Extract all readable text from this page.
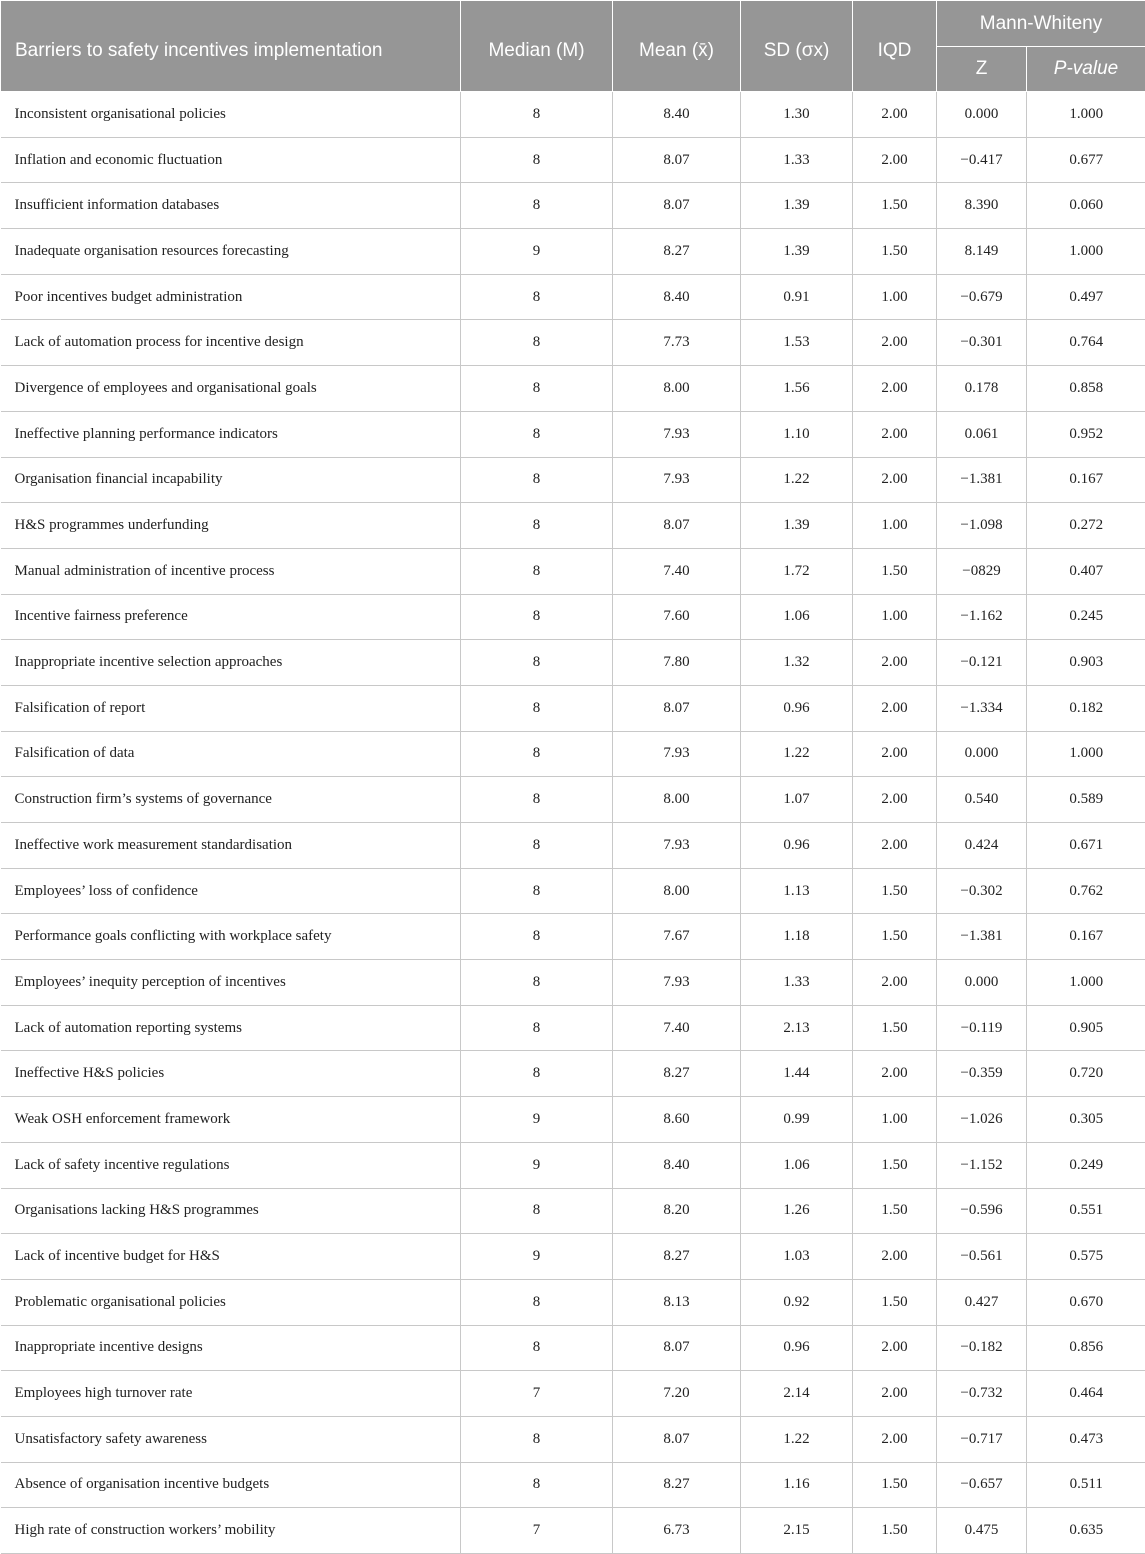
Barriers to safety incentives implementation	Median (M)	Mean (x̄)	SD (σx)	IQD	Mann-Whiteny	
					Z	P-value
Inconsistent organisational policies	8	8.40	1.30	2.00	0.000	1.000
Inflation and economic fluctuation	8	8.07	1.33	2.00	−0.417	0.677
Insufficient information databases	8	8.07	1.39	1.50	8.390	0.060
Inadequate organisation resources forecasting	9	8.27	1.39	1.50	8.149	1.000
Poor incentives budget administration	8	8.40	0.91	1.00	−0.679	0.497
Lack of automation process for incentive design	8	7.73	1.53	2.00	−0.301	0.764
Divergence of employees and organisational goals	8	8.00	1.56	2.00	0.178	0.858
Ineffective planning performance indicators	8	7.93	1.10	2.00	0.061	0.952
Organisation financial incapability	8	7.93	1.22	2.00	−1.381	0.167
H&S programmes underfunding	8	8.07	1.39	1.00	−1.098	0.272
Manual administration of incentive process	8	7.40	1.72	1.50	−0829	0.407
Incentive fairness preference	8	7.60	1.06	1.00	−1.162	0.245
Inappropriate incentive selection approaches	8	7.80	1.32	2.00	−0.121	0.903
Falsification of report	8	8.07	0.96	2.00	−1.334	0.182
Falsification of data	8	7.93	1.22	2.00	0.000	1.000
Construction firm’s systems of governance	8	8.00	1.07	2.00	0.540	0.589
Ineffective work measurement standardisation	8	7.93	0.96	2.00	0.424	0.671
Employees’ loss of confidence	8	8.00	1.13	1.50	−0.302	0.762
Performance goals conflicting with workplace safety	8	7.67	1.18	1.50	−1.381	0.167
Employees’ inequity perception of incentives	8	7.93	1.33	2.00	0.000	1.000
Lack of automation reporting systems	8	7.40	2.13	1.50	−0.119	0.905
Ineffective H&S policies	8	8.27	1.44	2.00	−0.359	0.720
Weak OSH enforcement framework	9	8.60	0.99	1.00	−1.026	0.305
Lack of safety incentive regulations	9	8.40	1.06	1.50	−1.152	0.249
Organisations lacking H&S programmes	8	8.20	1.26	1.50	−0.596	0.551
Lack of incentive budget for H&S	9	8.27	1.03	2.00	−0.561	0.575
Problematic organisational policies	8	8.13	0.92	1.50	0.427	0.670
Inappropriate incentive designs	8	8.07	0.96	2.00	−0.182	0.856
Employees high turnover rate	7	7.20	2.14	2.00	−0.732	0.464
Unsatisfactory safety awareness	8	8.07	1.22	2.00	−0.717	0.473
Absence of organisation incentive budgets	8	8.27	1.16	1.50	−0.657	0.511
High rate of construction workers’ mobility	7	6.73	2.15	1.50	0.475	0.635
